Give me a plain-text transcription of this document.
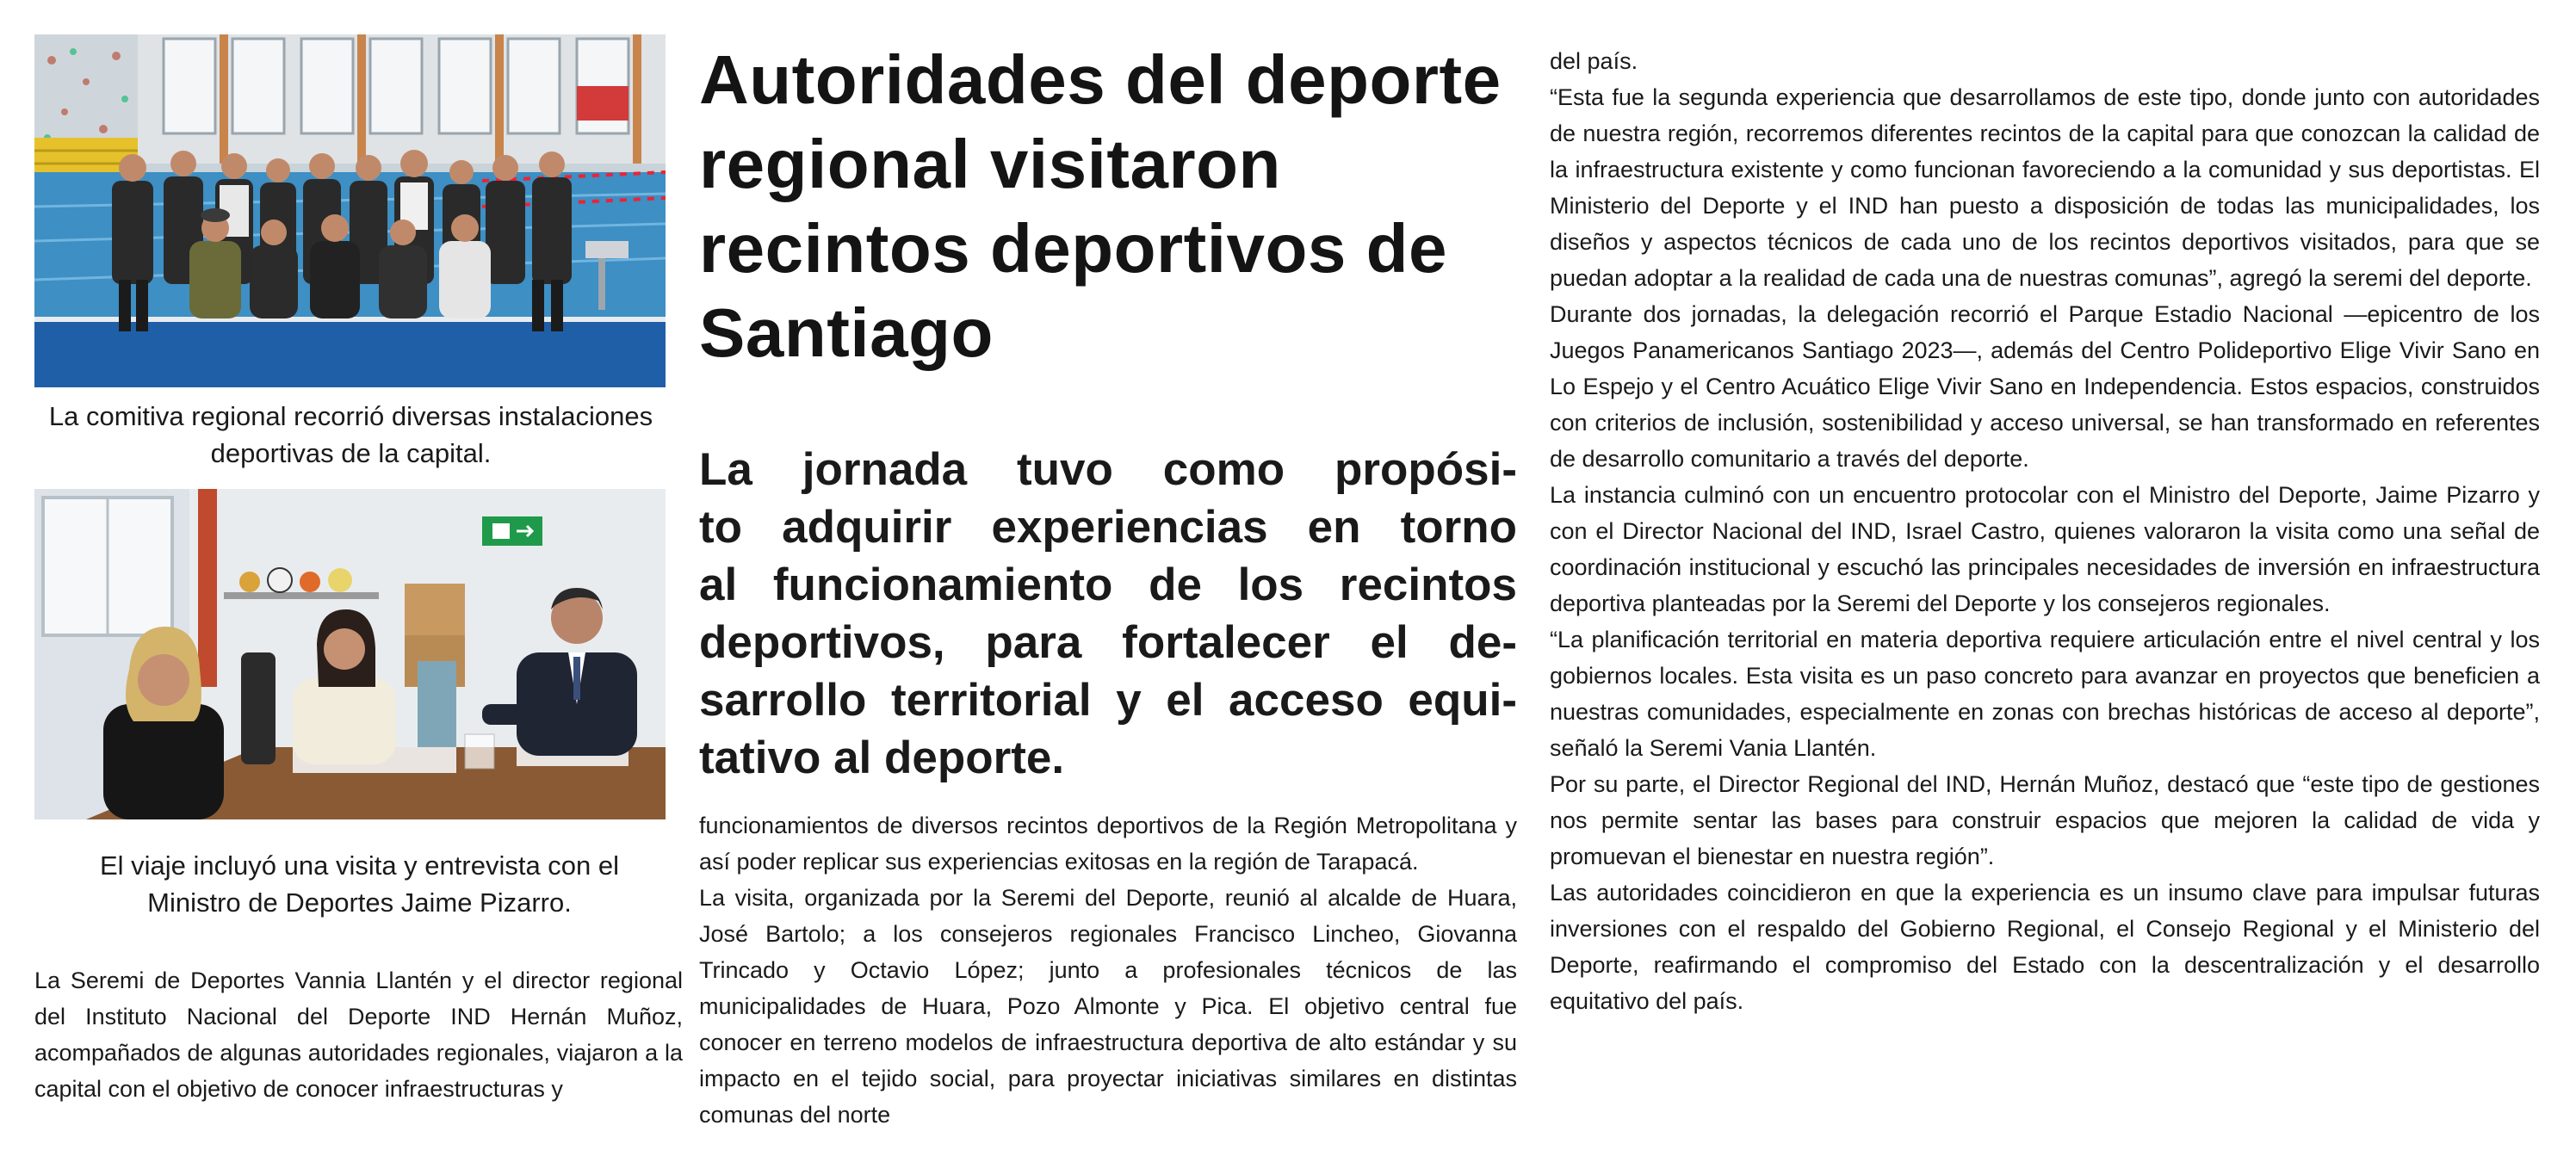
La comitiva regional recorrió diversas instalaciones deportivas de la capital.
El viaje incluyó una visita y entrevista con el Ministro de Deportes Jaime Pizarro.

La Seremi de Deportes Vannia Llantén y el director regional del Instituto Nacional del Deporte IND Hernán Muñoz, acompañados de algunas autoridades regionales, viajaron a la capital con el objetivo de conocer infraestructuras y

Autoridades del deporte regional visitaron recintos deportivos de Santiago
La jornada tuvo como propósi-
to adquirir experiencias en torno
al funcionamiento de los recintos
deportivos, para fortalecer el de-
sarrollo territorial y el acceso equi-
tativo al deporte.

funcionamientos de diversos recintos deportivos de la Región Metropolitana y así poder replicar sus experiencias exitosas en la región de Tarapacá.

La visita, organizada por la Seremi del Deporte, reunió al alcalde de Huara, José Bartolo; a los consejeros regionales Francisco Lincheo, Giovanna Trincado y Octavio López; junto a profesionales técnicos de las municipalidades de Huara, Pozo Almonte y Pica. El objetivo central fue conocer en terreno modelos de infraestructura deportiva de alto estándar y su impacto en el tejido social, para proyectar iniciativas similares en distintas comunas del norte

del país.

“Esta fue la segunda experiencia que desarrollamos de este tipo, donde junto con autoridades de nuestra región, recorremos diferentes recintos de la capital para que conozcan la calidad de la infraestructura existente y como funcionan favoreciendo a la comunidad y sus deportistas. El Ministerio del Deporte y el IND han puesto a disposición de todas las municipalidades, los diseños y aspectos técnicos de cada uno de los recintos deportivos visitados, para que se puedan adoptar a la realidad de cada una de nuestras comunas”, agregó la seremi del deporte.

Durante dos jornadas, la delegación recorrió el Parque Estadio Nacional —epicentro de los Juegos Panamericanos Santiago 2023—, además del Centro Polideportivo Elige Vivir Sano en Lo Espejo y el Centro Acuático Elige Vivir Sano en Independencia. Estos espacios, construidos con criterios de inclusión, sostenibilidad y acceso universal, se han transformado en referentes de desarrollo comunitario a través del deporte.

La instancia culminó con un encuentro protocolar con el Ministro del Deporte, Jaime Pizarro y con el Director Nacional del IND, Israel Castro, quienes valoraron la visita como una señal de coordinación institucional y escuchó las principales necesidades de inversión en infraestructura deportiva planteadas por la Seremi del Deporte y los consejeros regionales.

“La planificación territorial en materia deportiva requiere articulación entre el nivel central y los gobiernos locales. Esta visita es un paso concreto para avanzar en proyectos que beneficien a nuestras comunidades, especialmente en zonas con brechas históricas de acceso al deporte”, señaló la Seremi Vania Llantén.

Por su parte, el Director Regional del IND, Hernán Muñoz, destacó que “este tipo de gestiones nos permite sentar las bases para construir espacios que mejoren la calidad de vida y promuevan el bienestar en nuestra región”.

Las autoridades coincidieron en que la experiencia es un insumo clave para impulsar futuras inversiones con el respaldo del Gobierno Regional, el Consejo Regional y el Ministerio del Deporte, reafirmando el compromiso del Estado con la descentralización y el desarrollo equitativo del país.
